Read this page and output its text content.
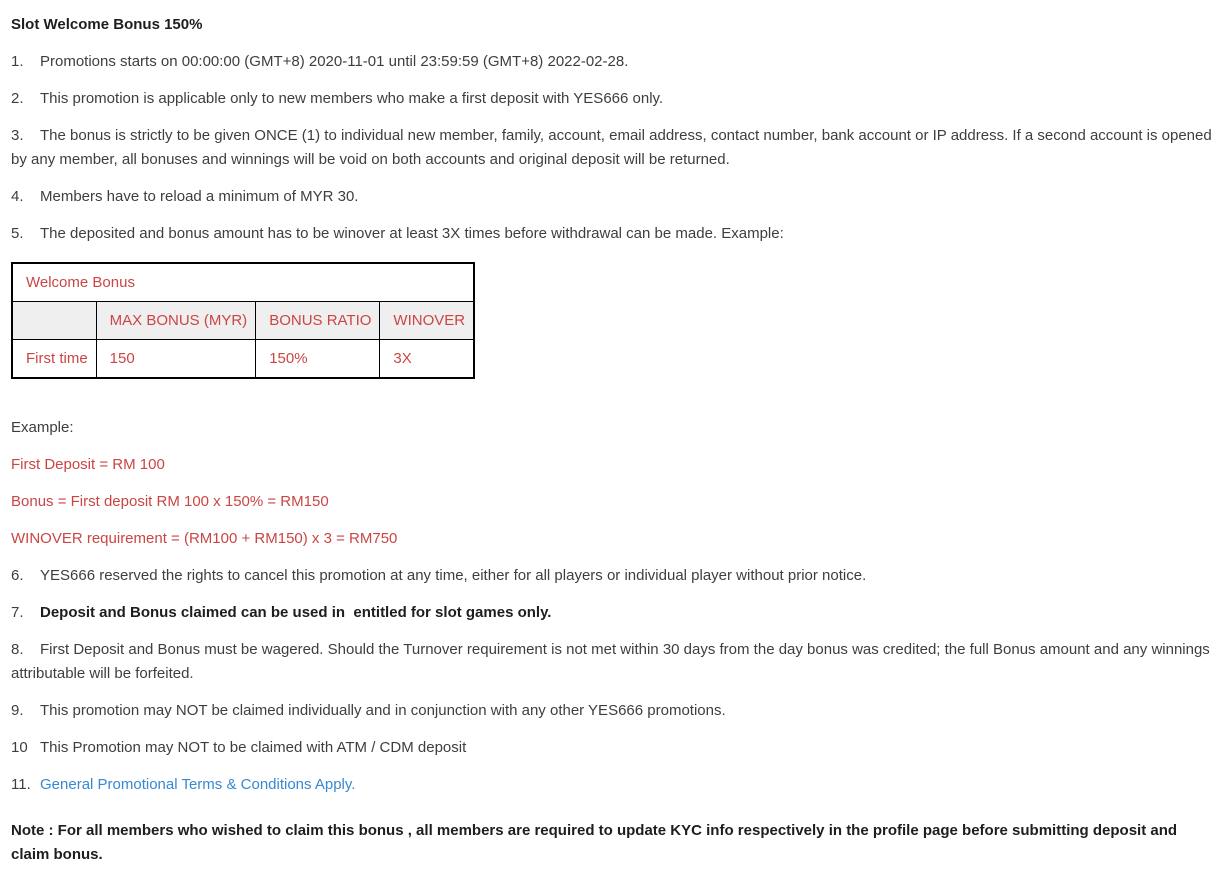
Slot Welcome Bonus 150%

1. Promotions starts on 00:00:00 (GMT+8) 2020-11-01 until 23:59:59 (GMT+8) 2022-02-28.

2. This promotion is applicable only to new members who make a first deposit with YES666 only.

3. The bonus is strictly to be given ONCE (1) to individual new member, family, account, email address, contact number, bank account or IP address. If a second account is opened by any member, all bonuses and winnings will be void on both accounts and original deposit will be returned.

4. Members have to reload a minimum of MYR 30.

5. The deposited and bonus amount has to be winover at least 3X times before withdrawal can be made. Example:

Welcome Bonus			
	MAX BONUS (MYR)	BONUS RATIO	WINOVER
First time	150	150%	3X

Example:

First Deposit = RM 100

Bonus = First deposit RM 100 x 150% = RM150

WINOVER requirement = (RM100 + RM150) x 3 = RM750

6. YES666 reserved the rights to cancel this promotion at any time, either for all players or individual player without prior notice.

7. Deposit and Bonus claimed can be used in  entitled for slot games only.

8. First Deposit and Bonus must be wagered. Should the Turnover requirement is not met within 30 days from the day bonus was credited; the full Bonus amount and any winnings attributable will be forfeited.

9. This promotion may NOT be claimed individually and in conjunction with any other YES666 promotions.

10 This Promotion may NOT to be claimed with ATM / CDM deposit

11. General Promotional Terms & Conditions Apply.

Note : For all members who wished to claim this bonus , all members are required to update KYC info respectively in the profile page before submitting deposit and claim bonus.
